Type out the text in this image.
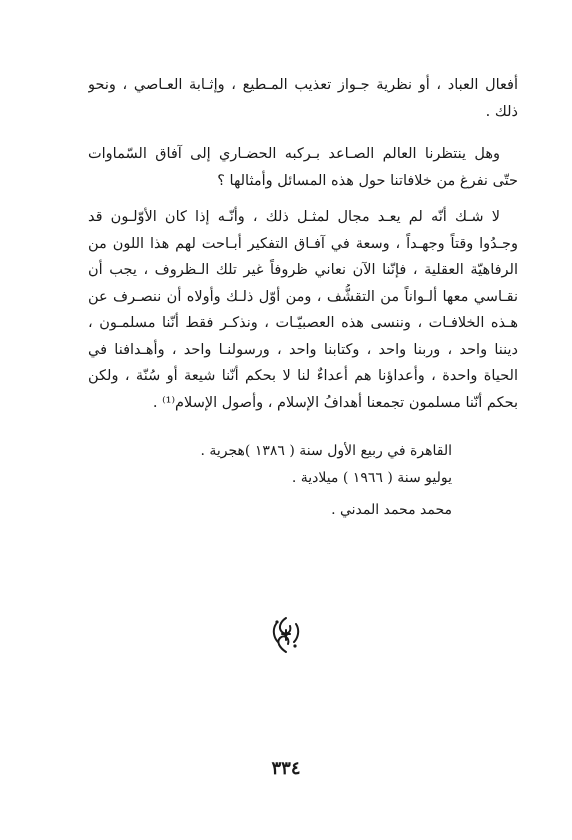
أفعال العباد ، أو نظرية جـواز تعذيب المـطيع ، وإثـابة العـاصي ، ونحو
ذلك .
وهل ينتظرنا العالم الصـاعد بـركبه الحضـاري إلى آفاق السّماوات
حتّى نفرغ من خلافاتنا حول هذه المسائل وأمثالها ؟
لا شـك أنّه لم يعـد مجال لمثـل ذلك ، وأنّـه إذا كان الأوّلـون قد
وجـدُوا وقتاً وجهـداً ، وسعة في آفـاق التفكير أبـاحت لهم هذا اللون من
الرفاهيّة العقلية ، فإنّنا الآن نعاني ظروفاً غير تلك الـظروف ، يجب أن
نقـاسي معها ألـواناً من التقشُّف ، ومن أوّل ذلـك وأولاه أن ننصـرف عن
هـذه الخلافـات ، وننسى هذه العصبيّـات ، ونذكـر فقط أنّنا مسلمـون ،
ديننا واحد ، وربنا واحد ، وكتابنا واحد ، ورسولنـا واحد ، وأهـدافنا في
الحياة واحدة ، وأعداؤنا هم أعداءٌ لنا لا بحكم أنّنا شيعة أو سُنّة ، ولكن
بحكم أنّنا مسلمون تجمعنا أهدافُ الإسلام ، وأصول الإسلام⁽¹⁾ .
القاهرة في ربيع الأول سنة ( ١٣٨٦ )هجرية .
يوليو سنة ( ١٩٦٦ ) ميلادية .
محمد محمد المدني .
٣٣٤
